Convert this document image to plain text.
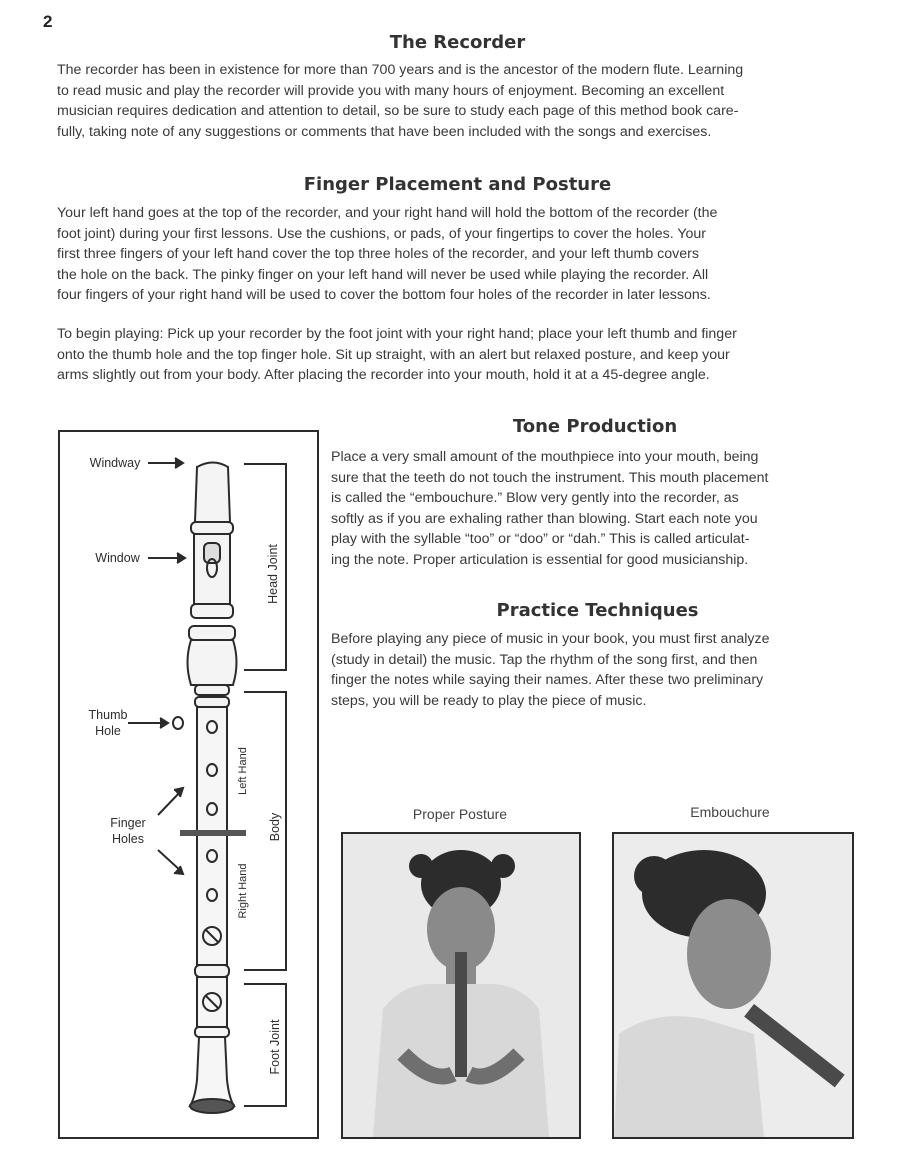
2
The Recorder
The recorder has been in existence for more than 700 years and is the ancestor of the modern flute. Learning
to read music and play the recorder will provide you with many hours of enjoyment. Becoming an excellent
musician requires dedication and attention to detail, so be sure to study each page of this method book care-
fully, taking note of any suggestions or comments that have been included with the songs and exercises.
Finger Placement and Posture
Your left hand goes at the top of the recorder, and your right hand will hold the bottom of the recorder (the
foot joint) during your first lessons. Use the cushions, or pads, of your fingertips to cover the holes. Your
first three fingers of your left hand cover the top three holes of the recorder, and your left thumb covers
the hole on the back. The pinky finger on your left hand will never be used while playing the recorder. All
four fingers of your right hand will be used to cover the bottom four holes of the recorder in later lessons.
To begin playing: Pick up your recorder by the foot joint with your right hand; place your left thumb and finger
onto the thumb hole and the top finger hole. Sit up straight, with an alert but relaxed posture, and keep your
arms slightly out from your body. After placing the recorder into your mouth, hold it at a 45-degree angle.
Tone Production
Place a very small amount of the mouthpiece into your mouth, being
sure that the teeth do not touch the instrument. This mouth placement
is called the “embouchure.” Blow very gently into the recorder, as
softly as if you are exhaling rather than blowing. Start each note you
play with the syllable “too” or “doo” or “dah.” This is called articulat-
ing the note. Proper articulation is essential for good musicianship.
Practice Techniques
Before playing any piece of music in your book, you must first analyze
(study in detail) the music. Tap the rhythm of the song first, and then
finger the notes while saying their names. After these two preliminary
steps, you will be ready to play the piece of music.
Windway
Window
Thumb
Hole
Finger
Holes
Head Joint
Body
Left Hand
Right Hand
Foot Joint
Proper Posture	Embouchure
